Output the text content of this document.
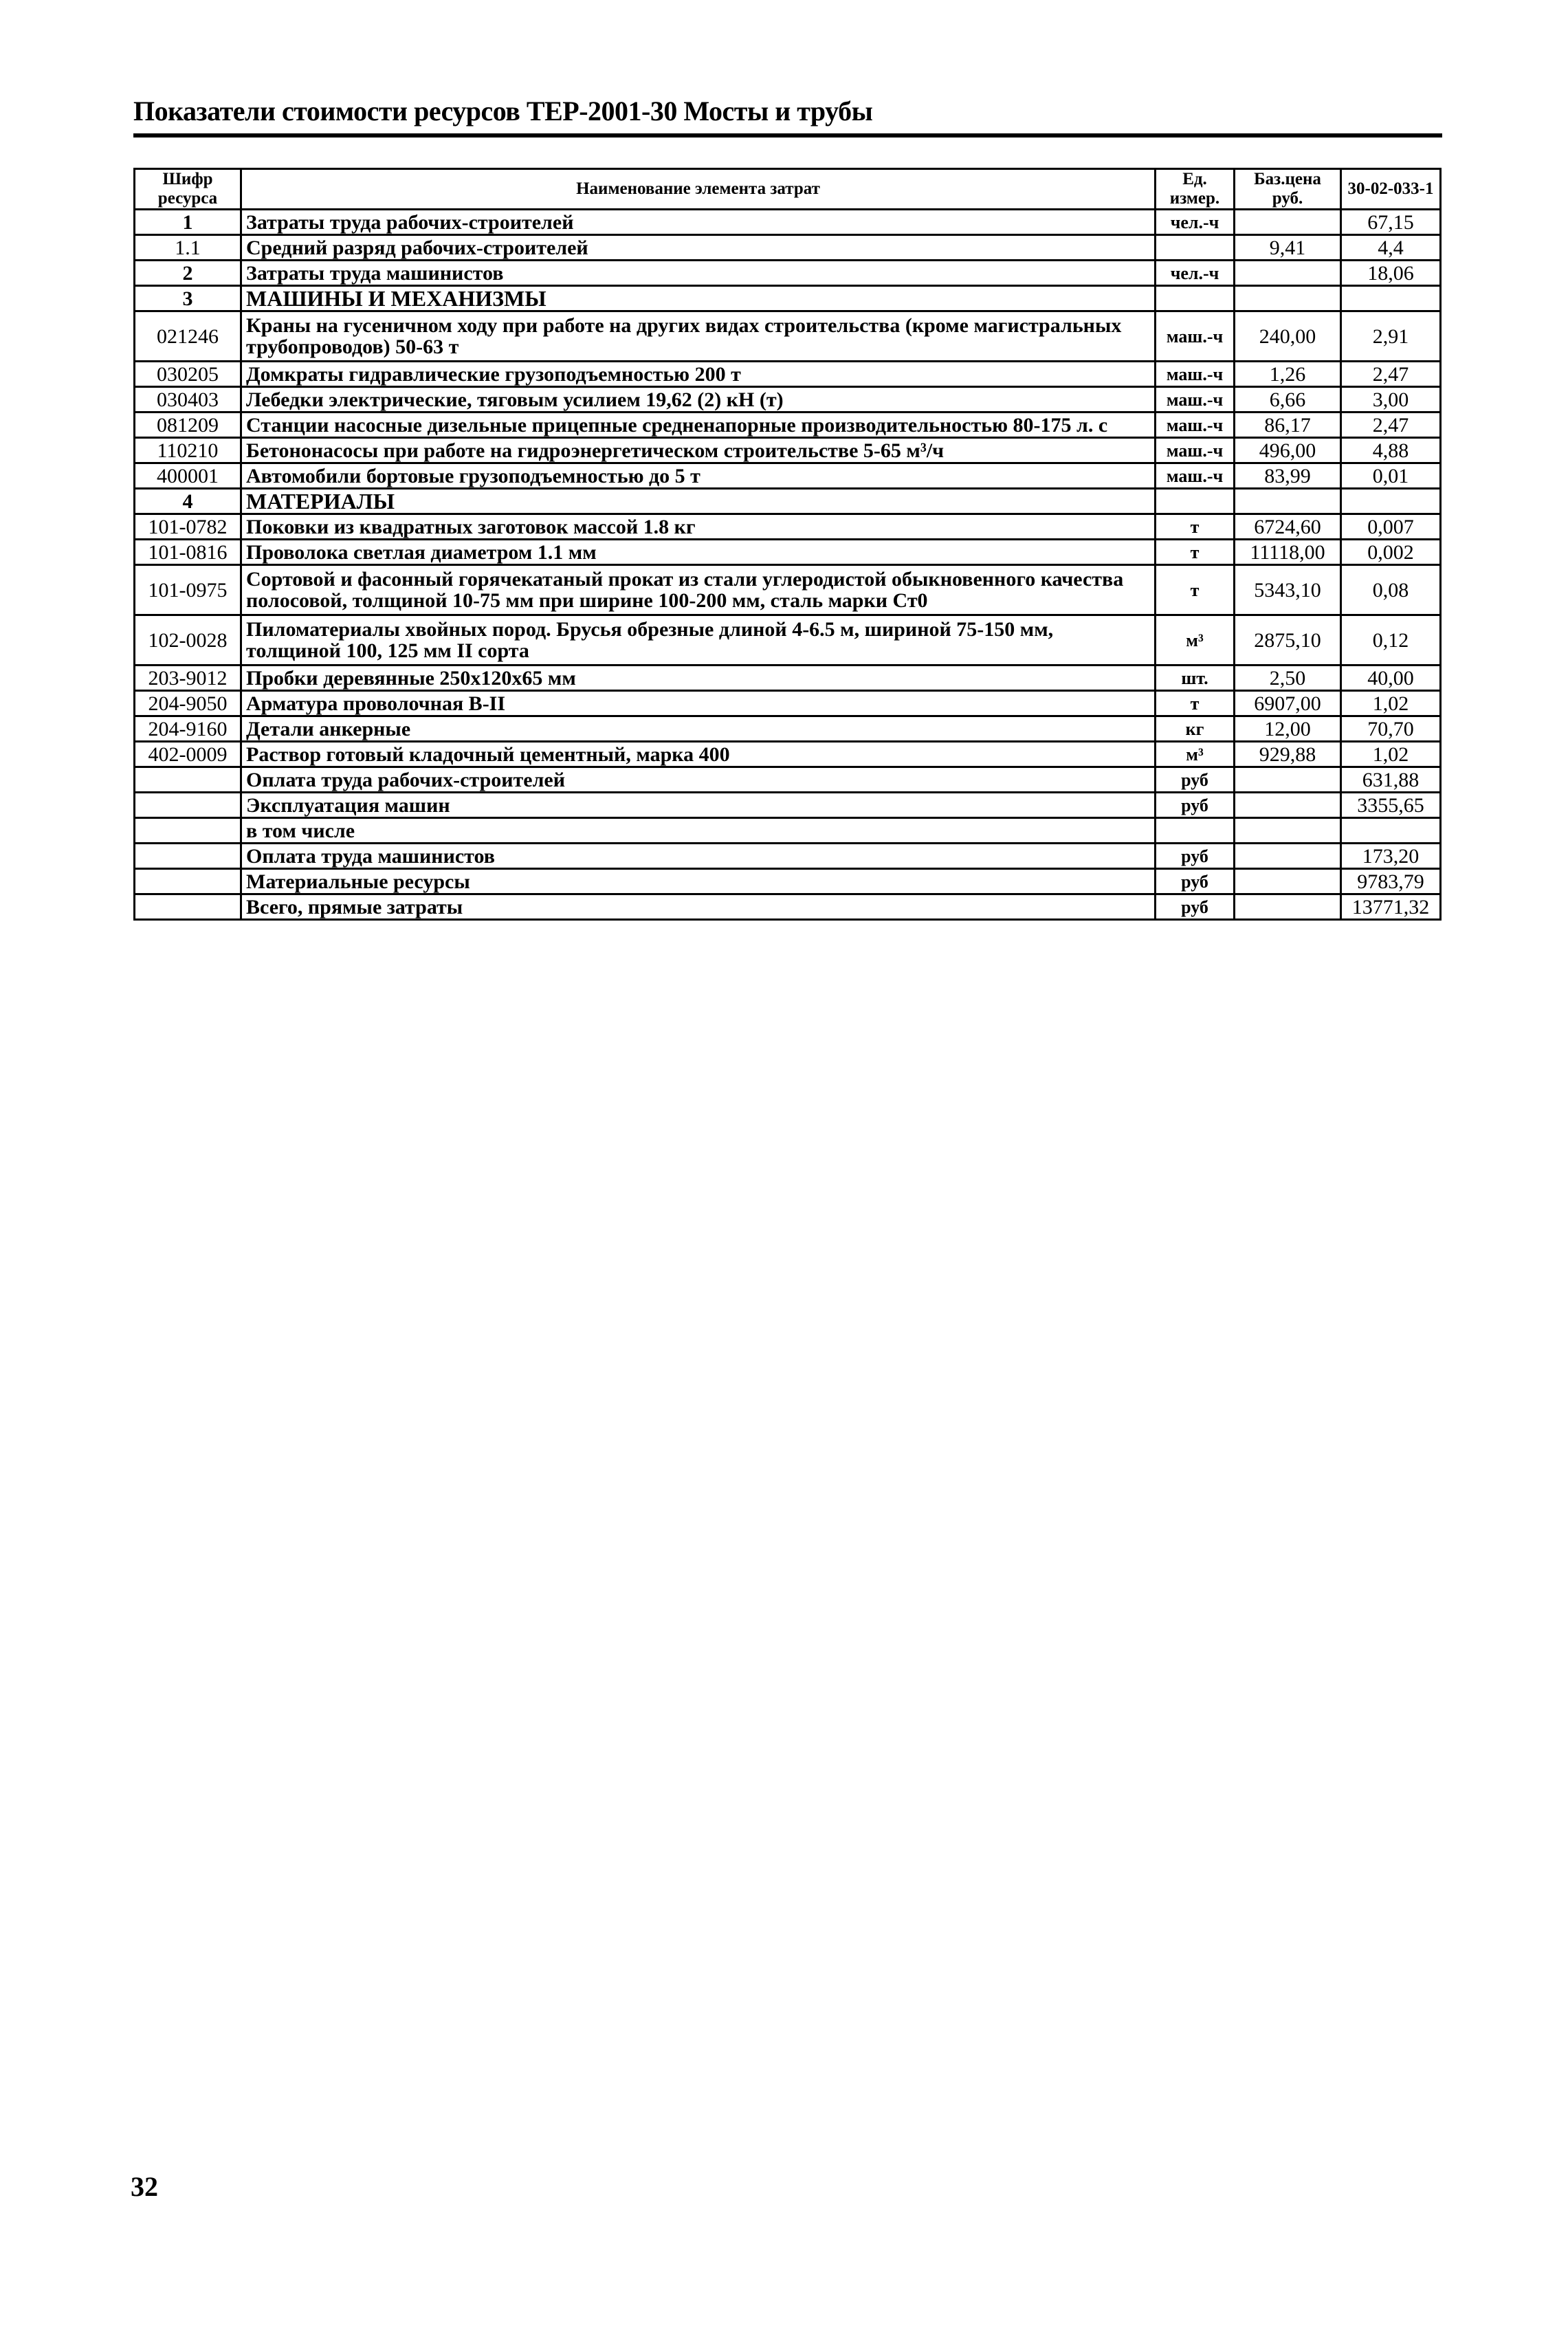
Показатели стоимости ресурсов ТЕР-2001-30 Мосты и трубы
Шифр ресурса	Наименование элемента затрат	Ед. измер.	Баз.цена руб.	30-02-033-1
1	Затраты труда рабочих-строителей	чел.-ч		67,15
1.1	Средний разряд рабочих-строителей		9,41	4,4
2	Затраты труда машинистов	чел.-ч		18,06
3	МАШИНЫ И МЕХАНИЗМЫ			
021246	Краны на гусеничном ходу при работе на других видах строительства (кроме магистральных трубопроводов) 50-63 т	маш.-ч	240,00	2,91
030205	Домкраты гидравлические грузоподъемностью 200 т	маш.-ч	1,26	2,47
030403	Лебедки электрические, тяговым усилием 19,62 (2) кН (т)	маш.-ч	6,66	3,00
081209	Станции насосные дизельные прицепные средненапорные производительностью 80-175 л. с	маш.-ч	86,17	2,47
110210	Бетононасосы при работе на гидроэнергетическом строительстве 5-65 м³/ч	маш.-ч	496,00	4,88
400001	Автомобили бортовые грузоподъемностью до 5 т	маш.-ч	83,99	0,01
4	МАТЕРИАЛЫ			
101-0782	Поковки из квадратных заготовок массой 1.8 кг	т	6724,60	0,007
101-0816	Проволока светлая диаметром 1.1 мм	т	11118,00	0,002
101-0975	Сортовой и фасонный горячекатаный прокат из стали углеродистой обыкновенного качества полосовой, толщиной 10-75 мм при ширине 100-200 мм, сталь марки Ст0	т	5343,10	0,08
102-0028	Пиломатериалы хвойных пород. Брусья обрезные длиной 4-6.5 м, шириной 75-150 мм, толщиной 100, 125 мм II сорта	м³	2875,10	0,12
203-9012	Пробки деревянные 250х120х65 мм	шт.	2,50	40,00
204-9050	Арматура проволочная В-II	т	6907,00	1,02
204-9160	Детали анкерные	кг	12,00	70,70
402-0009	Раствор готовый кладочный цементный, марка 400	м³	929,88	1,02
	Оплата труда рабочих-строителей	руб		631,88
	Эксплуатация машин	руб		3355,65
	в том числе			
	Оплата труда машинистов	руб		173,20
	Материальные ресурсы	руб		9783,79
	Всего, прямые затраты	руб		13771,32
32
